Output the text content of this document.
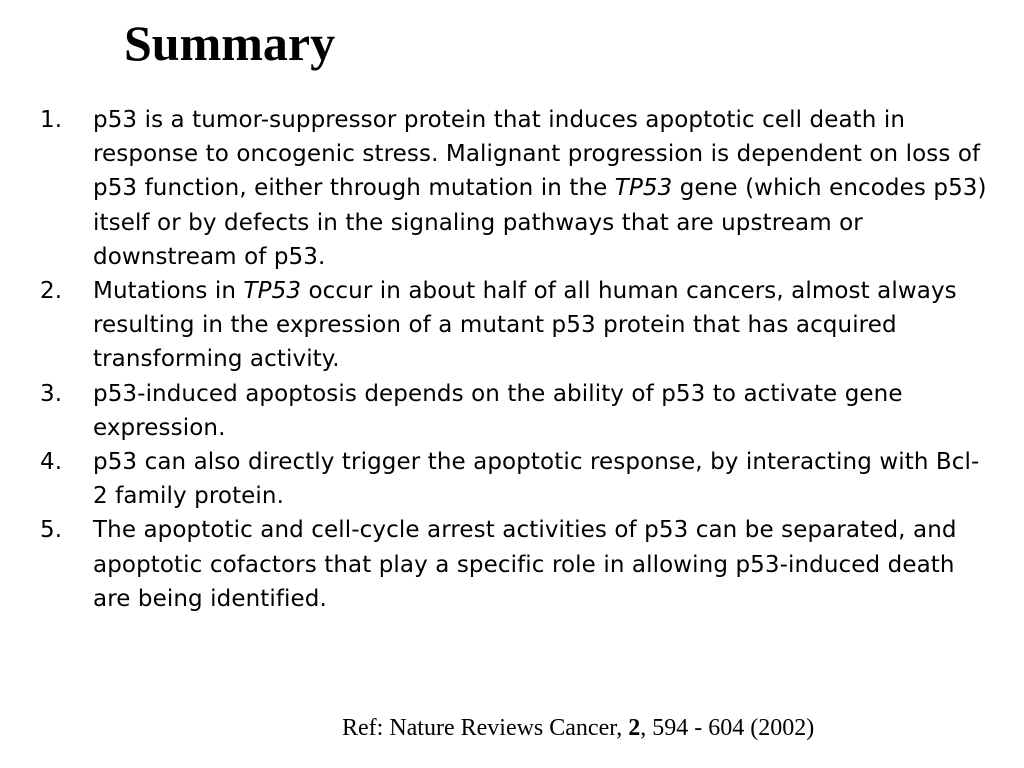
Summary
1. p53 is a tumor-suppressor protein that induces apoptotic cell death in response to oncogenic stress. Malignant progression is dependent on loss of p53 function, either through mutation in the TP53 gene (which encodes p53) itself or by defects in the signaling pathways that are upstream or downstream of p53.
2. Mutations in TP53 occur in about half of all human cancers, almost always resulting in the expression of a mutant p53 protein that has acquired transforming activity.
3. p53-induced apoptosis depends on the ability of p53 to activate gene expression.
4. p53 can also directly trigger the apoptotic response, by interacting with Bcl-2 family protein.
5. The apoptotic and cell-cycle arrest activities of p53 can be separated, and apoptotic cofactors that play a specific role in allowing p53-induced death are being identified.
Ref: Nature Reviews Cancer, 2, 594 - 604 (2002)
